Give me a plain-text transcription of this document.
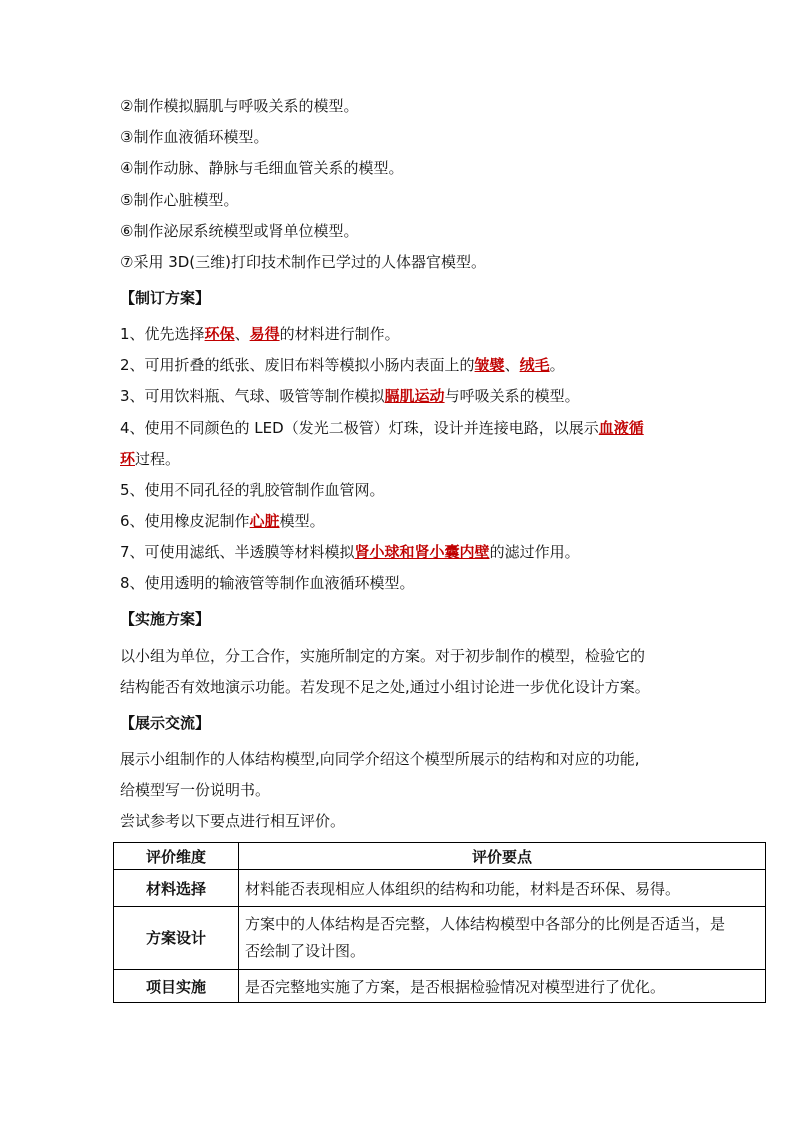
②制作模拟膈肌与呼吸关系的模型。
③制作血液循环模型。
④制作动脉、静脉与毛细血管关系的模型。
⑤制作心脏模型。
⑥制作泌尿系统模型或肾单位模型。
⑦采用 3D(三维)打印技术制作已学过的人体器官模型。
【制订方案】
1、优先选择环保、易得的材料进行制作。
2、可用折叠的纸张、废旧布料等模拟小肠内表面上的皱襞、绒毛。
3、可用饮料瓶、气球、吸管等制作模拟膈肌运动与呼吸关系的模型。
4、使用不同颜色的 LED（发光二极管）灯珠，设计并连接电路，以展示血液循
环过程。
5、使用不同孔径的乳胶管制作血管网。
6、使用橡皮泥制作心脏模型。
7、可使用滤纸、半透膜等材料模拟肾小球和肾小囊内壁的滤过作用。
8、使用透明的输液管等制作血液循环模型。
【实施方案】
以小组为单位，分工合作，实施所制定的方案。对于初步制作的模型，检验它的
结构能否有效地演示功能。若发现不足之处,通过小组讨论进一步优化设计方案。
【展示交流】
展示小组制作的人体结构模型,向同学介绍这个模型所展示的结构和对应的功能,
给模型写一份说明书。
尝试参考以下要点进行相互评价。
评价维度	评价要点
材料选择	材料能否表现相应人体组织的结构和功能，材料是否环保、易得。
方案设计	方案中的人体结构是否完整，人体结构模型中各部分的比例是否适当，是
否绘制了设计图。

项目实施	是否完整地实施了方案，是否根据检验情况对模型进行了优化。
